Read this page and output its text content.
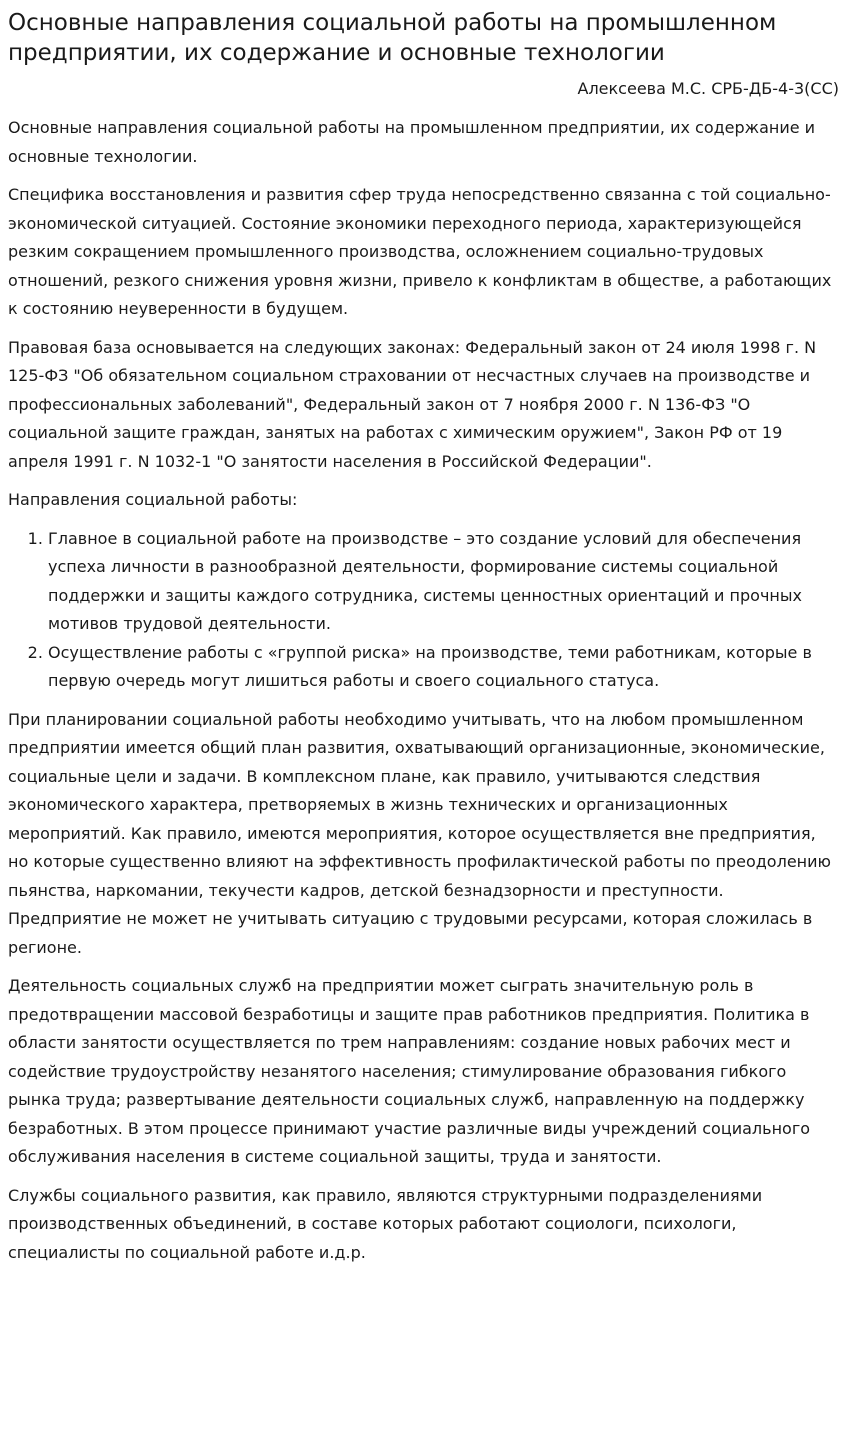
Основные направления социальной работы на промышленном предприятии, их содержание и основные технологии
Алексеева М.С. СРБ-ДБ-4-3(СС)

Основные направления социальной работы на промышленном предприятии, их содержание и основные технологии.

Специфика восстановления и развития сфер труда непосредственно связанна с той социально-экономической ситуацией. Состояние экономики переходного периода, характеризующейся резким сокращением промышленного производства, осложнением социально-трудовых отношений, резкого снижения уровня жизни, привело к конфликтам в обществе, а работающих к состоянию неуверенности в будущем.

Правовая база основывается на следующих законах: Федеральный закон от 24 июля 1998 г. N 125-ФЗ "Об обязательном социальном страховании от несчастных случаев на производстве и профессиональных заболеваний", Федеральный закон от 7 ноября 2000 г. N 136-ФЗ "О социальной защите граждан, занятых на работах с химическим оружием", Закон РФ от 19 апреля 1991 г. N 1032-1 "О занятости населения в Российской Федерации".

Направления социальной работы:

1. Главное в социальной работе на производстве – это создание условий для обеспечения успеха личности в разнообразной деятельности, формирование системы социальной поддержки и защиты каждого сотрудника, системы ценностных ориентаций и прочных мотивов трудовой деятельности.
2. Осуществление работы с «группой риска» на производстве, теми работникам, которые в первую очередь могут лишиться работы и своего социального статуса.

При планировании социальной работы необходимо учитывать, что на любом промышленном предприятии имеется общий план развития, охватывающий организационные, экономические, социальные цели и задачи. В комплексном плане, как правило, учитываются следствия экономического характера, претворяемых в жизнь технических и организационных мероприятий. Как правило, имеются мероприятия, которое осуществляется вне предприятия, но которые существенно влияют на эффективность профилактической работы по преодолению пьянства, наркомании, текучести кадров, детской безнадзорности и преступности. Предприятие не может не учитывать ситуацию с трудовыми ресурсами, которая сложилась в регионе.

Деятельность социальных служб на предприятии может сыграть значительную роль в предотвращении массовой безработицы и защите прав работников предприятия. Политика в области занятости осуществляется по трем направлениям: создание новых рабочих мест и содействие трудоустройству незанятого населения; стимулирование образования гибкого рынка труда; развертывание деятельности социальных служб, направленную на поддержку безработных. В этом процессе принимают участие различные виды учреждений социального обслуживания населения в системе социальной защиты, труда и занятости.

Службы социального развития, как правило, являются структурными подразделениями производственных объединений, в составе которых работают социологи, психологи, специалисты по социальной работе и.д.р.
